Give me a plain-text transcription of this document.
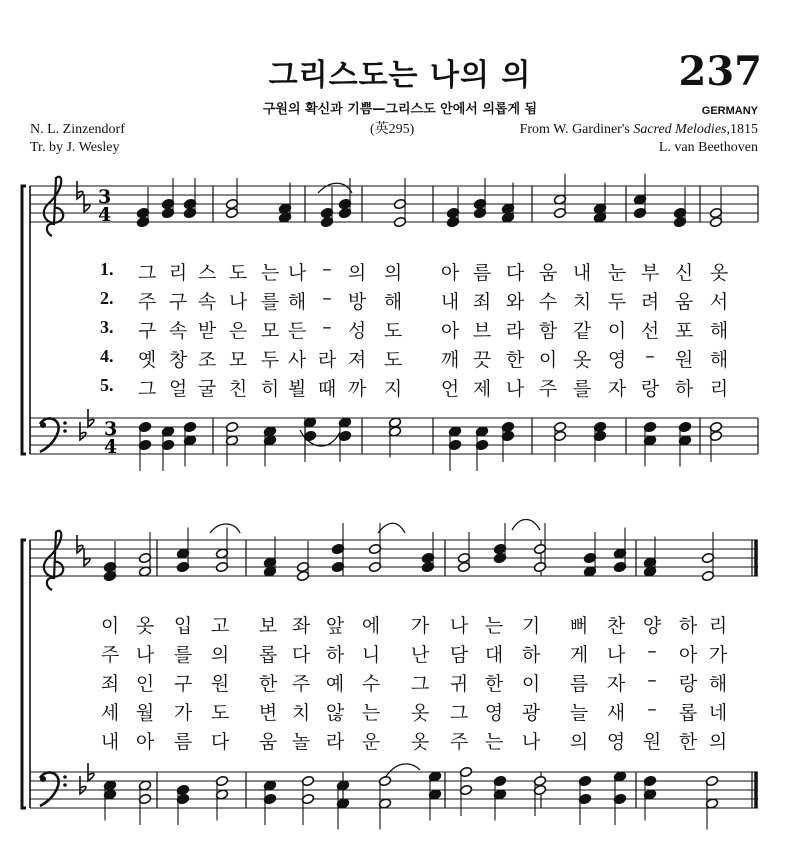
그리스도는 나의 의	237
구원의 확신과 기쁨—그리스도 안에서 의롭게 됨	GERMANY
N. L. Zinzendorf
Tr. by J. Wesley
(英295)	From W. Gardiner's Sacred Melodies,1815
L. van Beethoven
3
4
3
4
1. 그 리 스 도 는 나 – 의 의 아 름 다 움 내 눈 부 신 옷
2. 주 구 속 나 를 해 – 방 해 내 죄 와 수 치 두 려 움 서
3. 구 속 받 은 모 든 – 성 도 아 브 라 함 같 이 선 포 해
4. 옛 창 조 모 두 사 라 져 도 깨 끗 한 이 옷 영 – 원 해
5. 그 얼 굴 친 히 뵐 때 까 지 언 제 나 주 를 자 랑 하 리
이 옷 입 고 보 좌 앞 에 가 나 는 기 뻐 찬 양 하 리
주 나 를 의 롭 다 하 니 난 담 대 하 게 나 – 아 가
죄 인 구 원 한 주 예 수 그 귀 한 이 름 자 – 랑 해
세 월 가 도 변 치 않 는 옷 그 영 광 늘 새 – 롭 네
내 아 름 다 움 놀 라 운 옷 주 는 나 의 영 원 한 의
